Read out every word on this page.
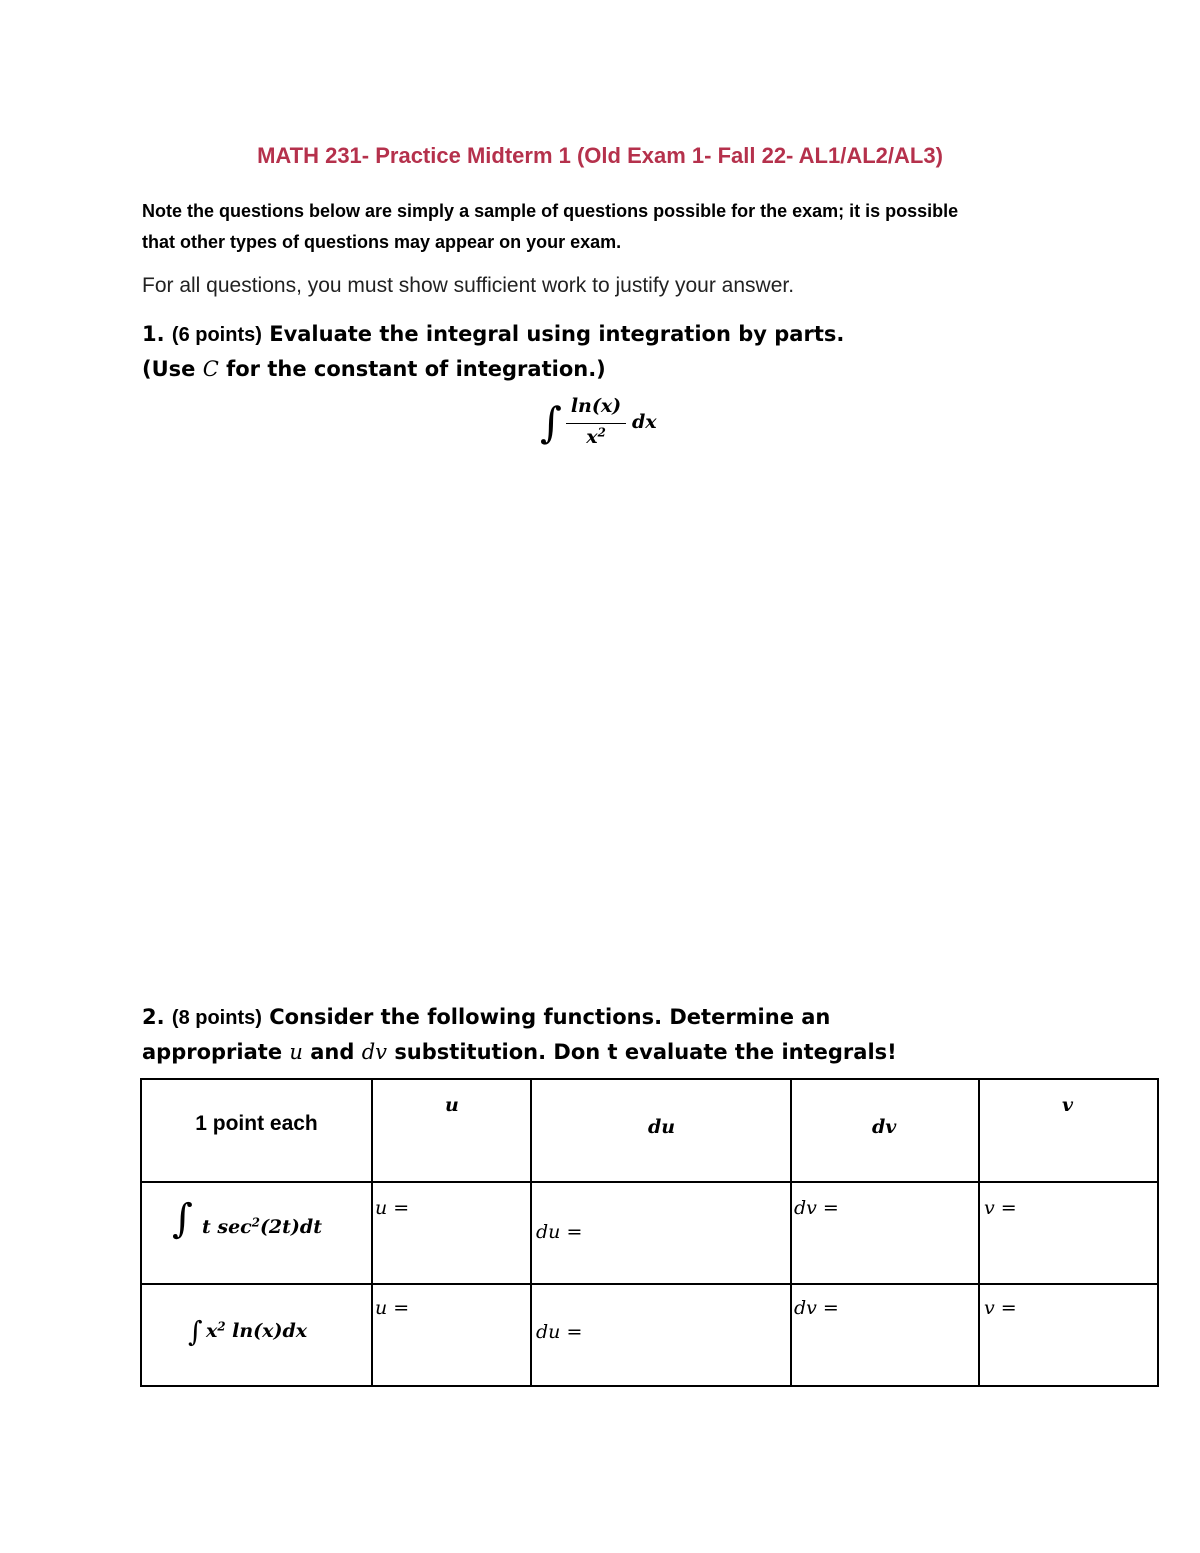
MATH 231- Practice Midterm 1 (Old Exam 1- Fall 22- AL1/AL2/AL3)
Note the questions below are simply a sample of questions possible for the exam; it is possible
that other types of questions may appear on your exam.
For all questions, you must show sufficient work to justify your answer.
1. (6 points) Evaluate the integral using integration by parts.
(Use C for the constant of integration.)
∫ ln(x)
$x^2$	dx
2. (8 points) Consider the following functions. Determine an
appropriate u and dv substitution. Don t evaluate the integrals!
1 point each	u	du	dv	v

∫ t $\sec^2(2t)dt$	u =	du =	dv =	v =

∫ $x^2$ ln(x)dx	u =	du =	dv =	v =
